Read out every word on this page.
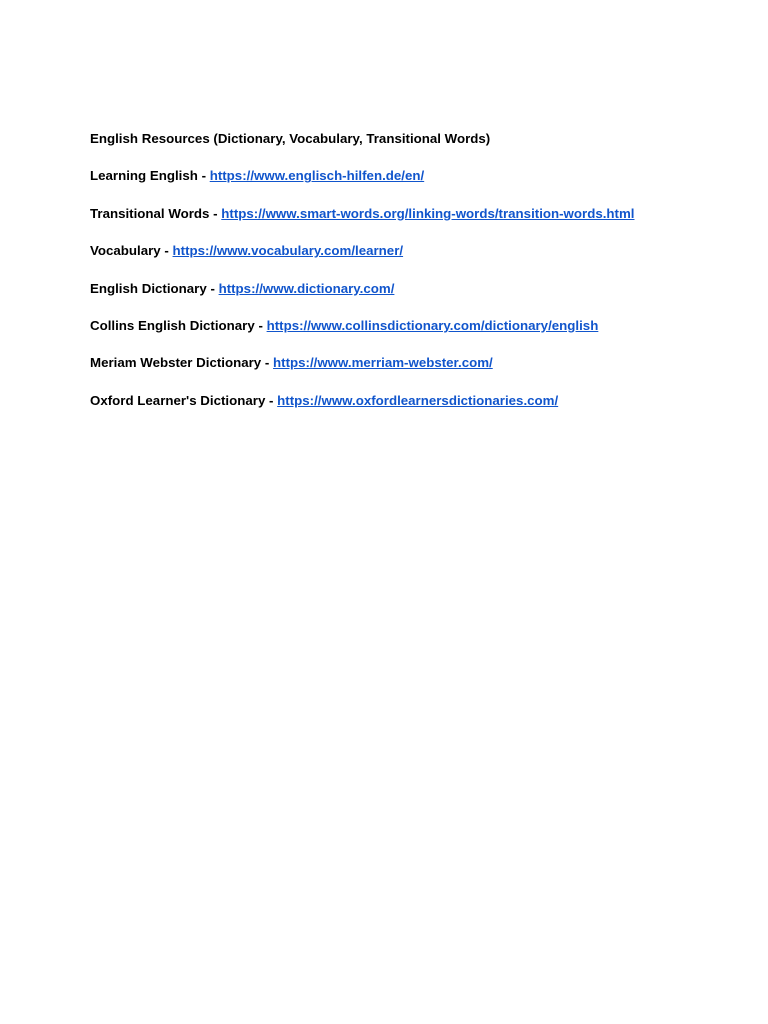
English Resources (Dictionary, Vocabulary, Transitional Words)
Learning English - https://www.englisch-hilfen.de/en/
Transitional Words - https://www.smart-words.org/linking-words/transition-words.html
Vocabulary - https://www.vocabulary.com/learner/
English Dictionary - https://www.dictionary.com/
Collins English Dictionary - https://www.collinsdictionary.com/dictionary/english
Meriam Webster Dictionary - https://www.merriam-webster.com/
Oxford Learner's Dictionary - https://www.oxfordlearnersdictionaries.com/
